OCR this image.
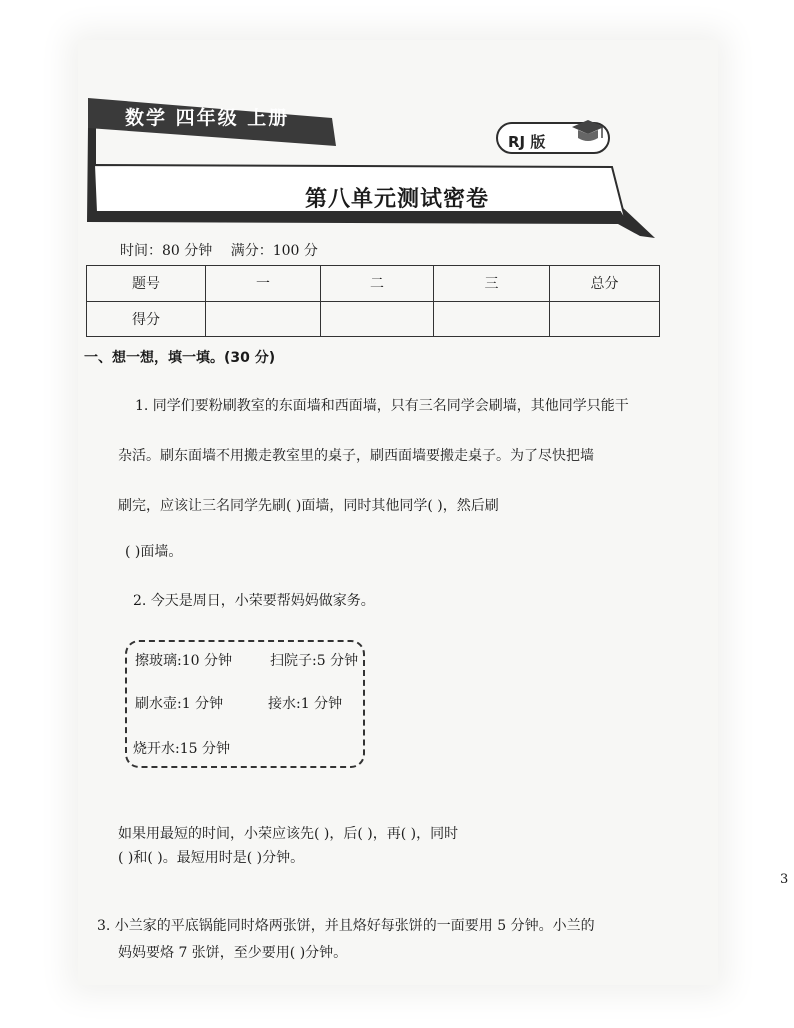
数学 四年级 上册
RJ 版
第八单元测试密卷
时间：80 分钟 满分：100 分
题号	一	二	三	总分
得分				
一、想一想，填一填。(30 分)
1. 同学们要粉刷教室的东面墙和西面墙，只有三名同学会刷墙，其他同学只能干
杂活。刷东面墙不用搬走教室里的桌子，刷西面墙要搬走桌子。为了尽快把墙
刷完，应该让三名同学先刷( )面墙，同时其他同学( )，然后刷
( )面墙。
2. 今天是周日，小荣要帮妈妈做家务。
擦玻璃:10 分钟	扫院子:5 分钟
刷水壶:1 分钟	接水:1 分钟
烧开水:15 分钟
如果用最短的时间，小荣应该先( )，后( )，再( )，同时
( )和( )。最短用时是( )分钟。
3. 小兰家的平底锅能同时烙两张饼，并且烙好每张饼的一面要用 5 分钟。小兰的
妈妈要烙 7 张饼，至少要用( )分钟。
3
